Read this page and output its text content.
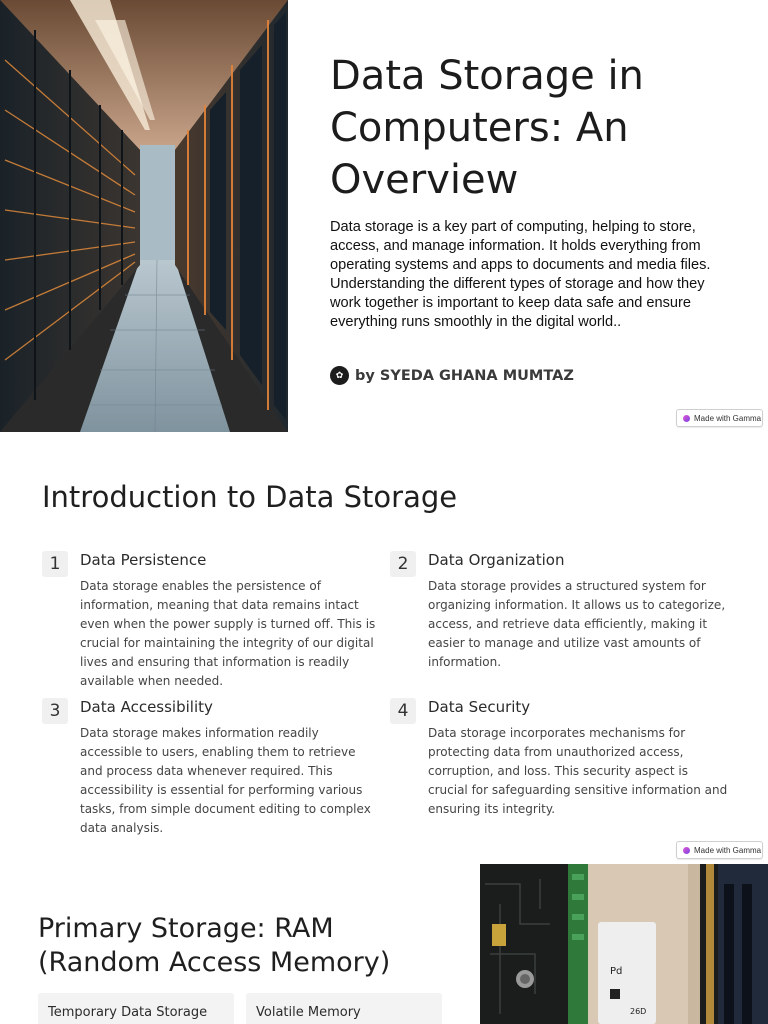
Data Storage in Computers: An Overview

Data storage is a key part of computing, helping to store, access, and manage information. It holds everything from operating systems and apps to documents and media files. Understanding the different types of storage and how they work together is important to keep data safe and ensure everything runs smoothly in the digital world..

✿ by SYEDA GHANA MUMTAZ
Made with Gamma
Introduction to Data Storage
1	Data Persistence
Data storage enables the persistence of information, meaning that data remains intact even when the power supply is turned off. This is crucial for maintaining the integrity of our digital lives and ensuring that information is readily available when needed.
2	Data Organization
Data storage provides a structured system for organizing information. It allows us to categorize, access, and retrieve data efficiently, making it easier to manage and utilize vast amounts of information.
3	Data Accessibility
Data storage makes information readily accessible to users, enabling them to retrieve and process data whenever required. This accessibility is essential for performing various tasks, from simple document editing to complex data analysis.
4	Data Security
Data storage incorporates mechanisms for protecting data from unauthorized access, corruption, and loss. This security aspect is crucial for safeguarding sensitive information and ensuring its integrity.
Made with Gamma
Primary Storage: RAM (Random Access Memory)
Temporary Data Storage	Volatile Memory
Pd
26D
